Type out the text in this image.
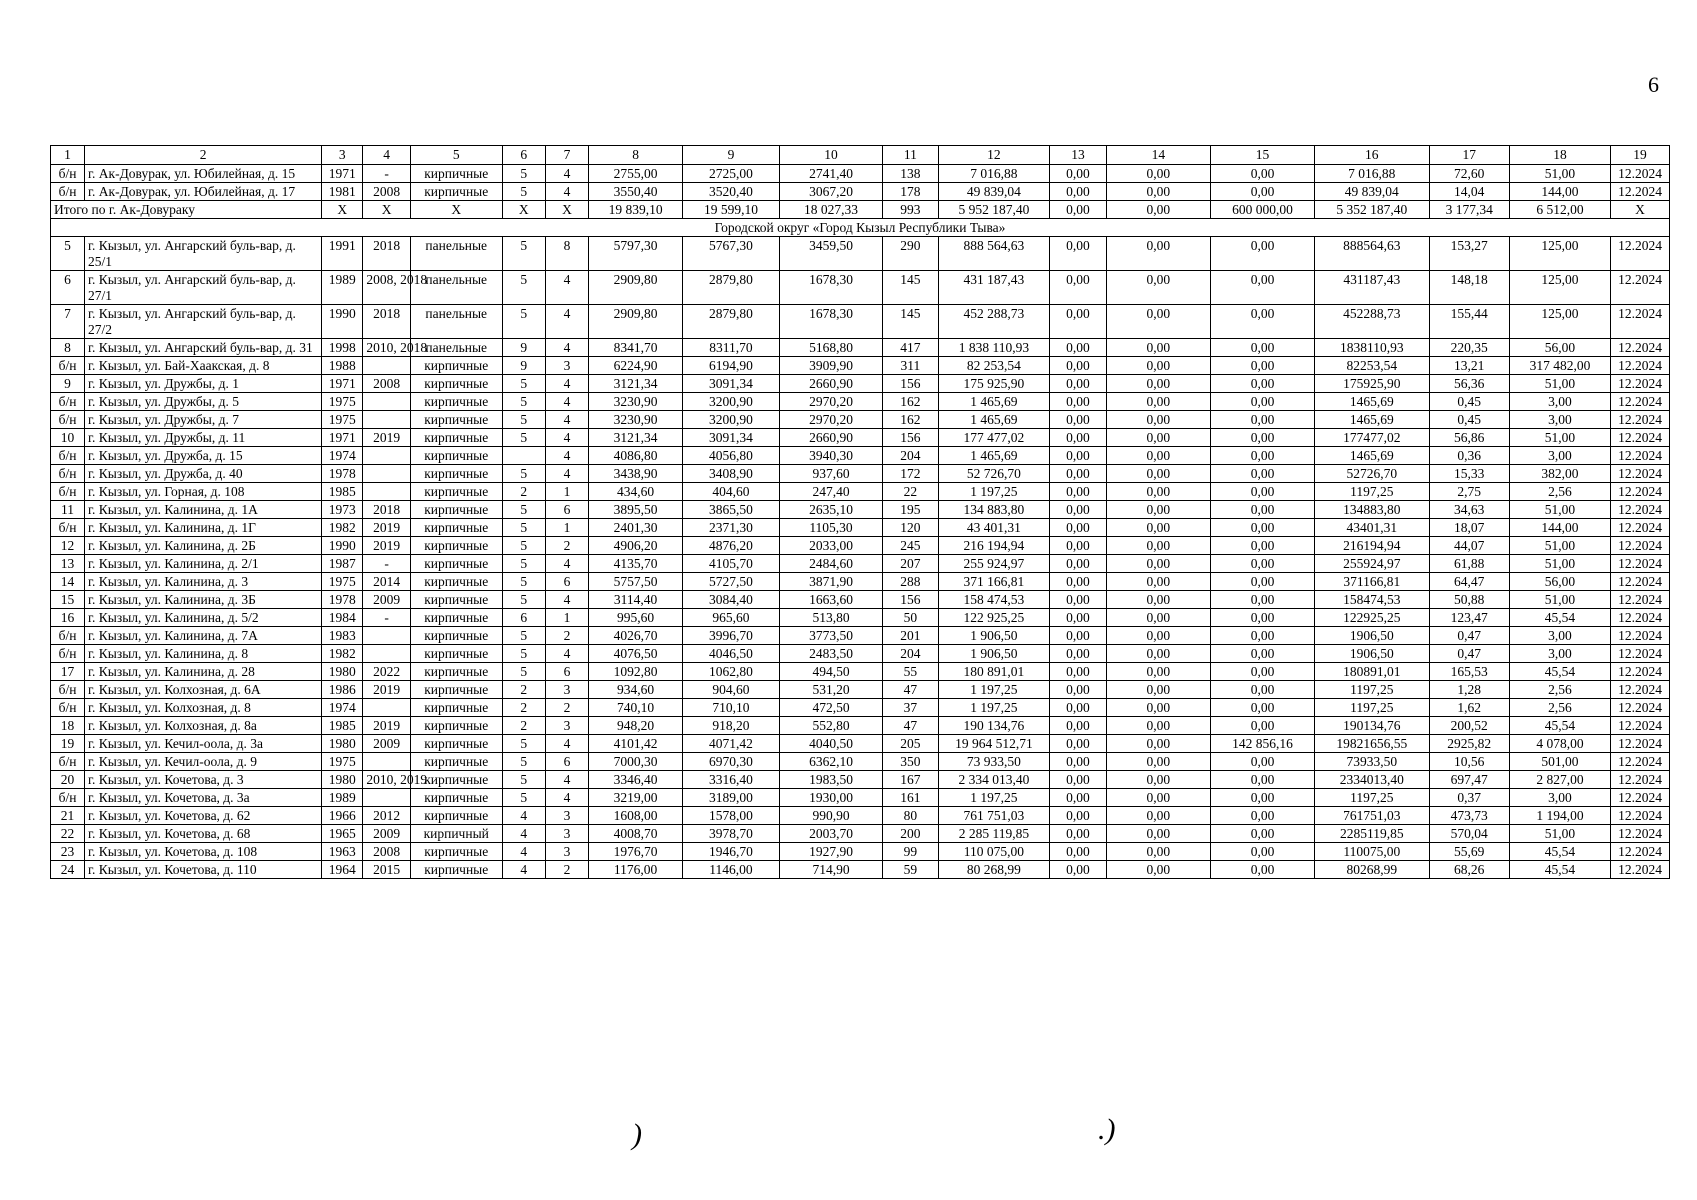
6
1	2	3	4	5	6	7	8	9	10	11	12	13	14	15	16	17	18	19
б/н	г. Ак-Довурак, ул. Юбилейная, д. 15	1971	-	кирпичные	5	4	2755,00	2725,00	2741,40	138	7 016,88	0,00	0,00	0,00	7 016,88	72,60	51,00	12.2024
б/н	г. Ак-Довурак, ул. Юбилейная, д. 17	1981	2008	кирпичные	5	4	3550,40	3520,40	3067,20	178	49 839,04	0,00	0,00	0,00	49 839,04	14,04	144,00	12.2024
Итого по г. Ак-Довураку		X	X	X	X	X	19 839,10	19 599,10	18 027,33	993	5 952 187,40	0,00	0,00	600 000,00	5 352 187,40	3 177,34	6 512,00	X
Городской округ «Город Кызыл Республики Тыва»																		
5	г. Кызыл, ул. Ангарский буль-вар, д. 25/1	1991	2018	панельные	5	8	5797,30	5767,30	3459,50	290	888 564,63	0,00	0,00	0,00	888564,63	153,27	125,00	12.2024
6	г. Кызыл, ул. Ангарский буль-вар, д. 27/1	1989	2008, 2018	панельные	5	4	2909,80	2879,80	1678,30	145	431 187,43	0,00	0,00	0,00	431187,43	148,18	125,00	12.2024
7	г. Кызыл, ул. Ангарский буль-вар, д. 27/2	1990	2018	панельные	5	4	2909,80	2879,80	1678,30	145	452 288,73	0,00	0,00	0,00	452288,73	155,44	125,00	12.2024
8	г. Кызыл, ул. Ангарский буль-вар, д. 31	1998	2010, 2018	панельные	9	4	8341,70	8311,70	5168,80	417	1 838 110,93	0,00	0,00	0,00	1838110,93	220,35	56,00	12.2024
б/н	г. Кызыл, ул. Бай-Хаакская, д. 8	1988		кирпичные	9	3	6224,90	6194,90	3909,90	311	82 253,54	0,00	0,00	0,00	82253,54	13,21	317 482,00	12.2024
9	г. Кызыл, ул. Дружбы, д. 1	1971	2008	кирпичные	5	4	3121,34	3091,34	2660,90	156	175 925,90	0,00	0,00	0,00	175925,90	56,36	51,00	12.2024
б/н	г. Кызыл, ул. Дружбы, д. 5	1975		кирпичные	5	4	3230,90	3200,90	2970,20	162	1 465,69	0,00	0,00	0,00	1465,69	0,45	3,00	12.2024
б/н	г. Кызыл, ул. Дружбы, д. 7	1975		кирпичные	5	4	3230,90	3200,90	2970,20	162	1 465,69	0,00	0,00	0,00	1465,69	0,45	3,00	12.2024
10	г. Кызыл, ул. Дружбы, д. 11	1971	2019	кирпичные	5	4	3121,34	3091,34	2660,90	156	177 477,02	0,00	0,00	0,00	177477,02	56,86	51,00	12.2024
б/н	г. Кызыл, ул. Дружба, д. 15	1974		кирпичные		4	4086,80	4056,80	3940,30	204	1 465,69	0,00	0,00	0,00	1465,69	0,36	3,00	12.2024
б/н	г. Кызыл, ул. Дружба, д. 40	1978		кирпичные	5	4	3438,90	3408,90	937,60	172	52 726,70	0,00	0,00	0,00	52726,70	15,33	382,00	12.2024
б/н	г. Кызыл, ул. Горная, д. 108	1985		кирпичные	2	1	434,60	404,60	247,40	22	1 197,25	0,00	0,00	0,00	1197,25	2,75	2,56	12.2024
11	г. Кызыл, ул. Калинина, д. 1А	1973	2018	кирпичные	5	6	3895,50	3865,50	2635,10	195	134 883,80	0,00	0,00	0,00	134883,80	34,63	51,00	12.2024
б/н	г. Кызыл, ул. Калинина, д. 1Г	1982	2019	кирпичные	5	1	2401,30	2371,30	1105,30	120	43 401,31	0,00	0,00	0,00	43401,31	18,07	144,00	12.2024
12	г. Кызыл, ул. Калинина, д. 2Б	1990	2019	кирпичные	5	2	4906,20	4876,20	2033,00	245	216 194,94	0,00	0,00	0,00	216194,94	44,07	51,00	12.2024
13	г. Кызыл, ул. Калинина, д. 2/1	1987	-	кирпичные	5	4	4135,70	4105,70	2484,60	207	255 924,97	0,00	0,00	0,00	255924,97	61,88	51,00	12.2024
14	г. Кызыл, ул. Калинина, д. 3	1975	2014	кирпичные	5	6	5757,50	5727,50	3871,90	288	371 166,81	0,00	0,00	0,00	371166,81	64,47	56,00	12.2024
15	г. Кызыл, ул. Калинина, д. 3Б	1978	2009	кирпичные	5	4	3114,40	3084,40	1663,60	156	158 474,53	0,00	0,00	0,00	158474,53	50,88	51,00	12.2024
16	г. Кызыл, ул. Калинина, д. 5/2	1984	-	кирпичные	6	1	995,60	965,60	513,80	50	122 925,25	0,00	0,00	0,00	122925,25	123,47	45,54	12.2024
б/н	г. Кызыл, ул. Калинина, д. 7А	1983		кирпичные	5	2	4026,70	3996,70	3773,50	201	1 906,50	0,00	0,00	0,00	1906,50	0,47	3,00	12.2024
б/н	г. Кызыл, ул. Калинина, д. 8	1982		кирпичные	5	4	4076,50	4046,50	2483,50	204	1 906,50	0,00	0,00	0,00	1906,50	0,47	3,00	12.2024
17	г. Кызыл, ул. Калинина, д. 28	1980	2022	кирпичные	5	6	1092,80	1062,80	494,50	55	180 891,01	0,00	0,00	0,00	180891,01	165,53	45,54	12.2024
б/н	г. Кызыл, ул. Колхозная, д. 6А	1986	2019	кирпичные	2	3	934,60	904,60	531,20	47	1 197,25	0,00	0,00	0,00	1197,25	1,28	2,56	12.2024
б/н	г. Кызыл, ул. Колхозная, д. 8	1974		кирпичные	2	2	740,10	710,10	472,50	37	1 197,25	0,00	0,00	0,00	1197,25	1,62	2,56	12.2024
18	г. Кызыл, ул. Колхозная, д. 8а	1985	2019	кирпичные	2	3	948,20	918,20	552,80	47	190 134,76	0,00	0,00	0,00	190134,76	200,52	45,54	12.2024
19	г. Кызыл, ул. Кечил-оола, д. 3а	1980	2009	кирпичные	5	4	4101,42	4071,42	4040,50	205	19 964 512,71	0,00	0,00	142 856,16	19821656,55	2925,82	4 078,00	12.2024
б/н	г. Кызыл, ул. Кечил-оола, д. 9	1975		кирпичные	5	6	7000,30	6970,30	6362,10	350	73 933,50	0,00	0,00	0,00	73933,50	10,56	501,00	12.2024
20	г. Кызыл, ул. Кочетова, д. 3	1980	2010, 2019	кирпичные	5	4	3346,40	3316,40	1983,50	167	2 334 013,40	0,00	0,00	0,00	2334013,40	697,47	2 827,00	12.2024
б/н	г. Кызыл, ул. Кочетова, д. 3а	1989		кирпичные	5	4	3219,00	3189,00	1930,00	161	1 197,25	0,00	0,00	0,00	1197,25	0,37	3,00	12.2024
21	г. Кызыл, ул. Кочетова, д. 62	1966	2012	кирпичные	4	3	1608,00	1578,00	990,90	80	761 751,03	0,00	0,00	0,00	761751,03	473,73	1 194,00	12.2024
22	г. Кызыл, ул. Кочетова, д. 68	1965	2009	кирпичный	4	3	4008,70	3978,70	2003,70	200	2 285 119,85	0,00	0,00	0,00	2285119,85	570,04	51,00	12.2024
23	г. Кызыл, ул. Кочетова, д. 108	1963	2008	кирпичные	4	3	1976,70	1946,70	1927,90	99	110 075,00	0,00	0,00	0,00	110075,00	55,69	45,54	12.2024
24	г. Кызыл, ул. Кочетова, д. 110	1964	2015	кирпичные	4	2	1176,00	1146,00	714,90	59	80 268,99	0,00	0,00	0,00	80268,99	68,26	45,54	12.2024
)	.)
